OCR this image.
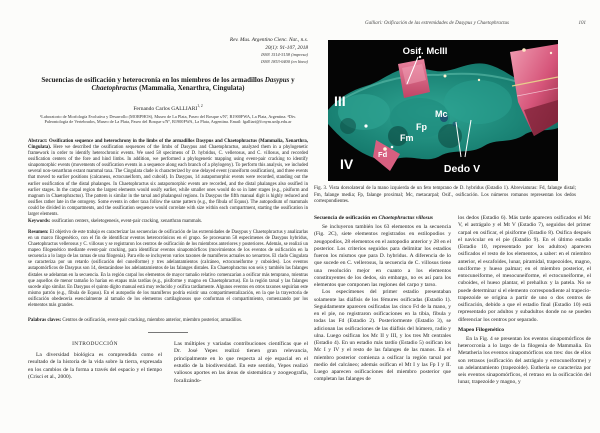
Galliari: Osificación de las extremidades de Dasypus y Chaetophractus	101
Rev. Mus. Argentino Cienc. Nat., n.s.
20(1): 91-107, 2018
ISSN 1514-5158 (impresa)
ISSN 1853-0400 (en línea)
Secuencias de osificación y heterocronía en los miembros de los armadillos Dasypus y Chaetophractus (Mammalia, Xenarthra, Cingulata)
Fernando Carlos GALLIARI$^{1, 2}$

¹Laboratorio de Morfología Evolutiva y Desarrollo (MORPHOS), Museo de La Plata, Paseo del Bosque s/Nº, B1900FWA, La Plata, Argentina. ²Div. Paleontología de Vertebrados, Museo de La Plata, Paseo del Bosque s/Nº, B1900FWA, La Plata, Argentina. Email: fgalliari@fcnym.unlp.edu.ar

Abstract: Ossification sequence and heterochrony in the limbs of the armadillos Dasypus and Chaetophractus (Mammalia, Xenarthra, Cingulata). Here we described the ossification sequences of the limbs of Dasypus and Chaetophractus, analyzed them in a phylogenetic framework in order to identify heterochronic events. We used 58 specimens of D. hybridus, C. vellerosus, and C. villosus, and recorded ossification centers of the fore and hind limbs. In addition, we performed a phylogenetic mapping using event-pair cracking to identify sinapomorphic events (movements of ossification events in a sequence along each branch of a phylogeny). To perform this analysis, we included several non-xenarthran extant mammal taxa. The Cingulata clade is characterized by one delayed event (cuneiform ossification), and three events that moved to earlier positions (calcaneus, ectocuneiform, and cuboid). In Dasypus, 14 autapomorphic events were recorded, standing out the earlier ossification of the distal phalanges. In Chaetophractus six autapomorphic events are recorded, and the distal phalanges also ossified in earlier stages. In the carpal region the largest elements would ossify earlier, while smaller ones would do so in later stages (e.g., pisiform and magnum in Chaetophractus). The pattern is similar in the tarsal and phalangeal regions. In Dasypus the fifth manual digit is highly reduced and ossifies rather late in the ontogeny. Some events in other taxa follow the same pattern (e.g., the fibula of Equus). The autopodium of mammals could be divided in compartments, and the ossification sequence would correlate with size within each compartment, starting the ossification in larger elements.

Keywords: ossification centers, skeletogenesis, event-pair cracking, xenarthran mammals.

Resumen: El objetivo de este trabajo es caracterizar las secuencias de osificación de las extremidades de Dasypus y Chaetophractus y analizarlas en un marco filogenético, con el fin de identificar eventos heterocrónicos en el grupo. Se procesaron 58 especímenes de Dasypus hybridus, Chaetophractus vellerosus y C. villosus y se registraron los centros de osificación de los miembros anteriores y posteriores. Además, se realizó un mapeo filogenético mediante event-pair cracking, para identificar eventos sinapomórficos (movimientos de los eventos de osificación en la secuencia a lo largo de las ramas de una filogenia). Para ello se incluyeron varios taxones de mamíferos actuales no xenartros. El clado Cingulata se caracteriza por un retardo (osificación del cuneiforme) y tres adelantamientos (calcáneo, ectocuneiforme y cuboides). Los eventos autapomórficos de Dasypus son 14, destacándose los adelantamientos de las falanges distales. En Chaetophractus son seis y también las falanges distales se adelantan en la secuencia. En la región carpal los elementos de mayor tamaño relativo comenzarían a osificar más temprano, mientras que aquellos de menor tamaño lo harían en etapas más tardías (e.g., pisiforme y magno en Chaetophractus). En la región tarsal y las falanges sucede algo similar. En Dasypus el quinto dígito manual está muy reducido y osifica tardíamente. Algunos eventos en otros taxones seguirían este mismo patrón (e.g., fíbula de Equus). En el autopodio de los mamíferos podría existir una compartimentalización, en la que la trayectoria de osificación obedecería esencialmente al tamaño de los elementos cartilaginosos que conforman el compartimiento, comenzando por los elementos más grandes.

Palabras claves: Centros de osificación, event-pair cracking, miembro anterior, miembro posterior, armadillos.

INTRODUCCIÓN

La diversidad biológica es comprendida como el resultado de la historia de la vida sobre la tierra, expresada en los cambios de la forma a través del espacio y el tiempo (Crisci et al., 2000).

Las múltiples y variadas contribuciones científicas que el Dr. José Yepes realizó tienen gran relevancia, principalmente en lo que respecta al eje espacial en el estudio de la biodiversidad. En este sentido, Yepes realizó valiosos aportes en las áreas de sistemática y zoogeografía, focalizándo-

Osif. McIII
III
Mc
Fp
Fm
Fd
IV	Dedo V

Fig. 3. Vista dorsolateral de la mano izquierda de un feto temprano de D. hybridus (Estadio 1). Abreviaturas: Fd, falange distal; Fm, falange media; Fp, falange proximal; Mc, metacarpal; Osif., osificación. Los números romanos representan los dedos correspondientes.

Secuencia de osificación en Chaetophractus villosus

Se incluyeron también los 63 elementos en la secuencia (Fig. 2C), siete elementos registrados en estilopodios y zeugopodios, 28 elementos en el autopodio anterior y 28 en el posterior. Los criterios seguidos para delimitar los estadios fueron los mismos que para D. hybridus. A diferencia de lo que sucede en C. vellerosus, la secuencia de C. villosus tiene una resolución mejor en cuanto a los elementos constituyentes de los dedos, sin embargo, no es así para los elementos que componen las regiones del carpo y tarso.

Los especímenes del primer estadio presentaban solamente las diáfisis de los fémures osificadas (Estadio 1). Seguidamente aparecen osificadas las cinco Fd de la mano, y en el pie, no registraron osificaciones en la tibia, fíbula y todas las Fd (Estadio 2). Posteriormente (Estadio 3), se adicionan las osificaciones de las diáfisis del húmero, radio y ulna. Luego osifican los Mc II y III, y los tres Mt centrales (Estadio 4). En un estadio más tardío (Estadio 5) osifican los Mc I y IV y el resto de las falanges de las manos. En el miembro posterior comienza a osificar la región tarsal por medio del calcáneo; además osifican el Mt I y las Fp I y II. Luego aparecen osificaciones del miembro posterior que completan las falanges de

los dedos (Estadio 6). Más tarde aparecen osificados el Mc V, el astrágalo y el Mt V (Estadio 7), seguidos del primer carpal en osificar, el pisiforme (Estadio 8). Osifica después el navicular en el pie (Estadio 9). En el último estadio (Estadio 10, representado por los adultos) aparecen osificados el resto de los elementos, a saber: en el miembro anterior, el escafoides, lunar, piramidal, trapezoides, magno, unciforme y hueso palmar; en el miembro posterior, el entocuneiforme, el mesocuneiforme, el ectocuneiforme, el cuboides, el hueso plantar, el prehallux y la patela. No se puede determinar si el elemento correspondiente al trapecio-trapezoide se origina a partir de uno o dos centros de osificación, debido a que el estadio final (Estadio 10) está representado por adultos y subadultos donde no se pueden diferenciar los centros por separado.

Mapeo Filogenético

En la Fig. 4 se presentan los eventos sinapomórficos de heterocronía a lo largo de la filogenia de Mammalia. En Metatheria los eventos sinapomórficos son tres: dos de ellos son retrasos (osificación del astrágalo y ectocuneiforme) y un adelantamiento (trapezoide). Eutheria se caracteriza por seis eventos sinapomórficos, el retraso en la osificación del lunar, trapezoide y magno, y
